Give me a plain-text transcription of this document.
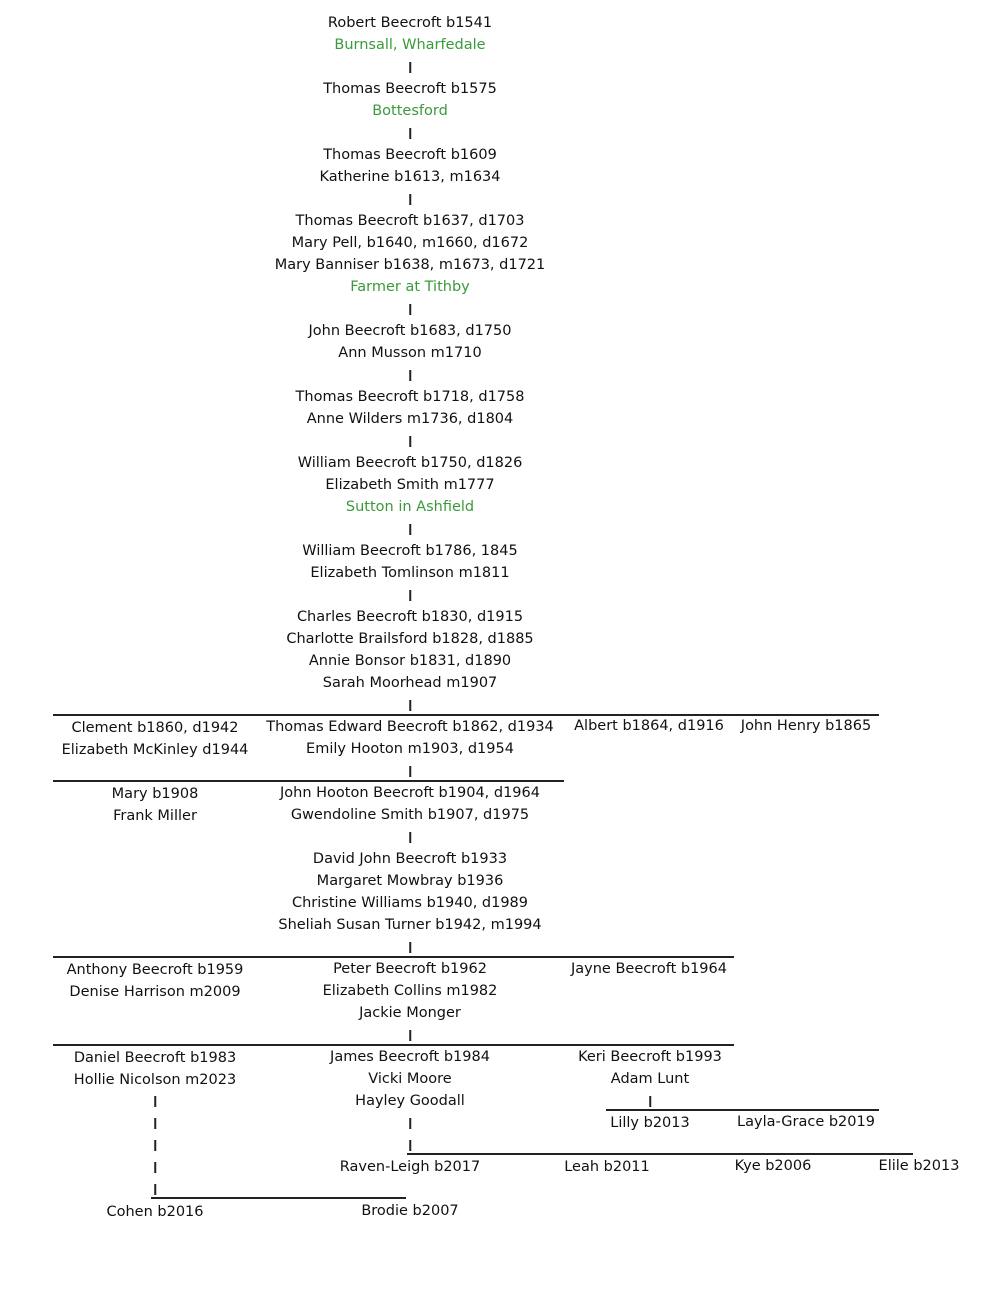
Robert Beecroft b1541
Burnsall, Wharfedale
Thomas Beecroft b1575
Bottesford
Thomas Beecroft b1609
Katherine b1613, m1634
Thomas Beecroft b1637, d1703
Mary Pell, b1640, m1660, d1672
Mary Banniser b1638, m1673, d1721
Farmer at Tithby
John Beecroft b1683, d1750
Ann Musson m1710
Thomas Beecroft b1718, d1758
Anne Wilders m1736, d1804
William Beecroft b1750, d1826
Elizabeth Smith m1777
Sutton in Ashfield
William Beecroft b1786, 1845
Elizabeth Tomlinson m1811
Charles Beecroft b1830, d1915
Charlotte Brailsford b1828, d1885
Annie Bonsor b1831, d1890
Sarah Moorhead m1907
Clement b1860, d1942
Elizabeth McKinley d1944
Thomas Edward Beecroft b1862, d1934
Emily Hooton m1903, d1954
Albert b1864, d1916 John Henry b1865
Mary b1908
Frank Miller
John Hooton Beecroft b1904, d1964
Gwendoline Smith b1907, d1975
David John Beecroft b1933
Margaret Mowbray b1936
Christine Williams b1940, d1989
Sheliah Susan Turner b1942, m1994
Anthony Beecroft b1959
Denise Harrison m2009
Peter Beecroft b1962
Elizabeth Collins m1982
Jackie Monger
Jayne Beecroft b1964
Daniel Beecroft b1983
Hollie Nicolson m2023
James Beecroft b1984
Vicki Moore
Hayley Goodall
Keri Beecroft b1993
Adam Lunt
Lilly b2013	Layla-Grace b2019
Raven-Leigh b2017	Leah b2011	Kye b2006	Elile b2013
Cohen b2016	Brodie b2007
